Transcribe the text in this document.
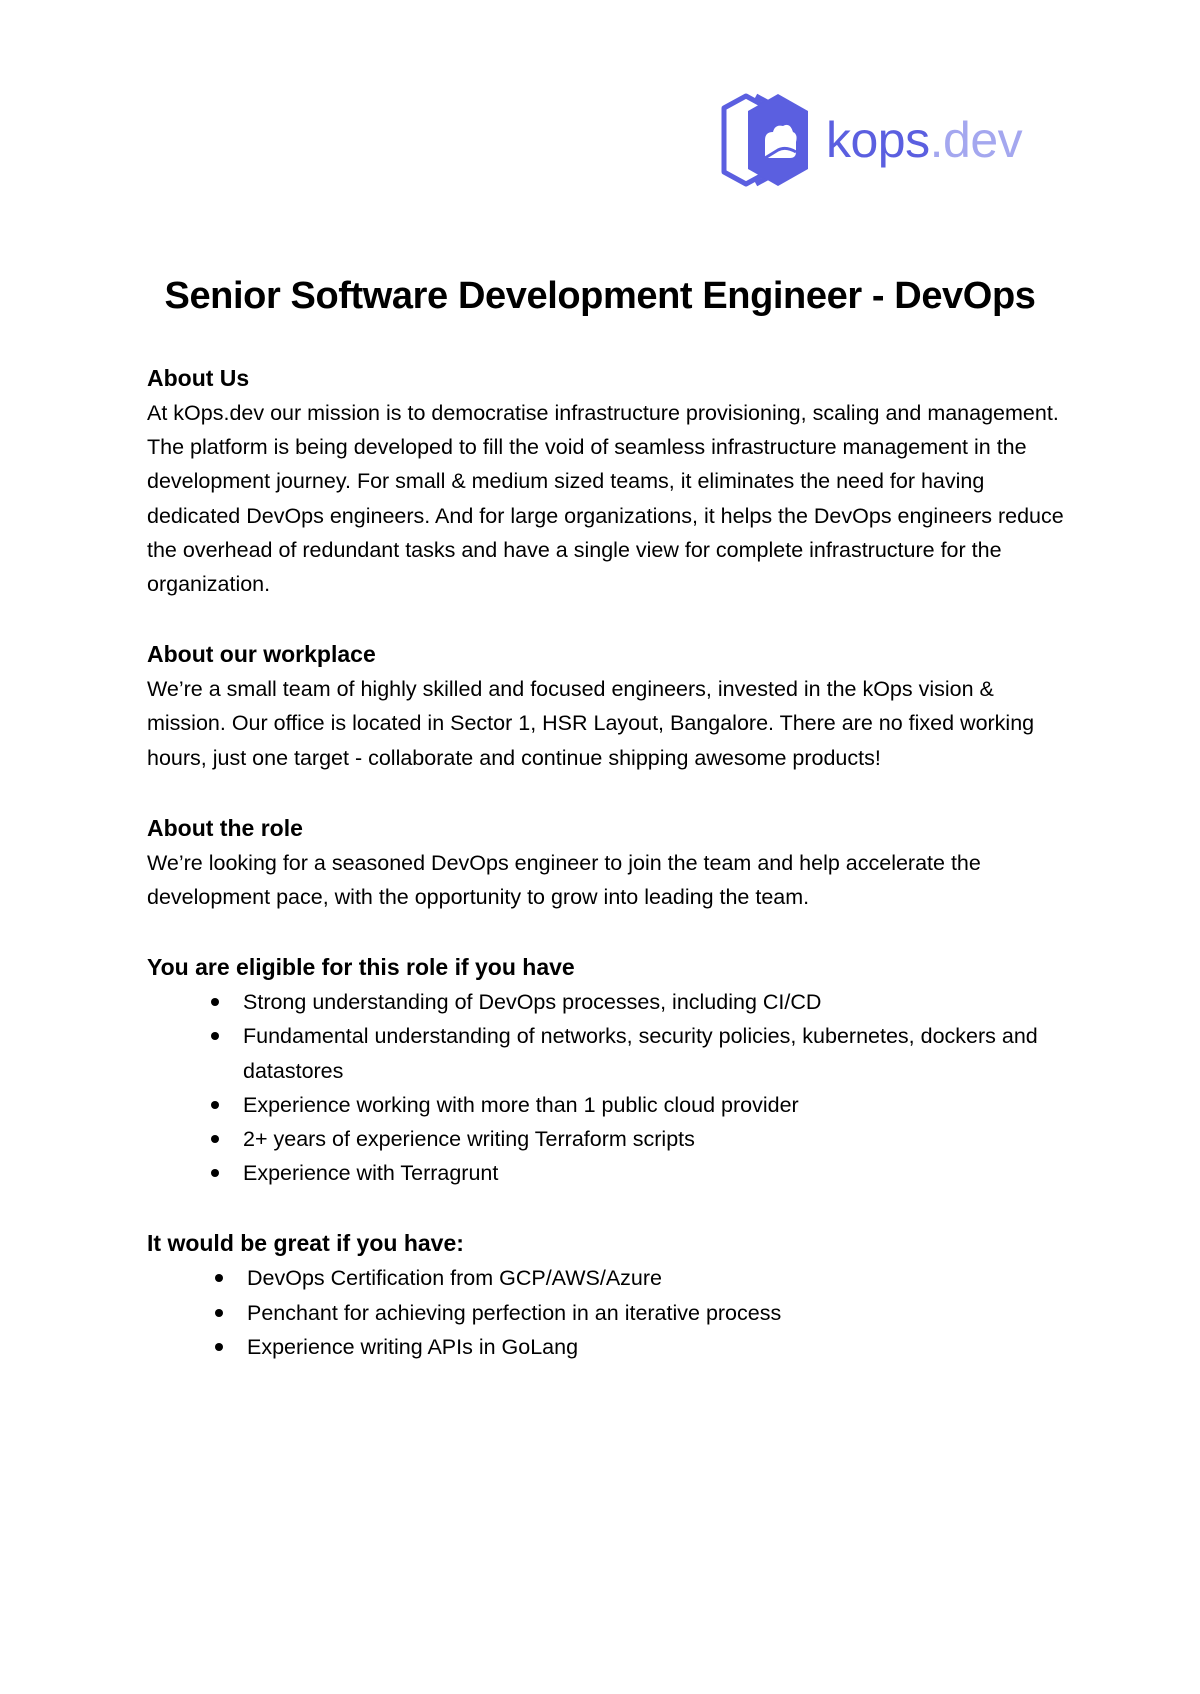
kops.dev
Senior Software Development Engineer - DevOps
About Us

At kOps.dev our mission is to democratise infrastructure provisioning, scaling and management. The platform is being developed to fill the void of seamless infrastructure management in the development journey. For small & medium sized teams, it eliminates the need for having dedicated DevOps engineers. And for large organizations, it helps the DevOps engineers reduce the overhead of redundant tasks and have a single view for complete infrastructure for the organization.

About our workplace

We’re a small team of highly skilled and focused engineers, invested in the kOps vision & mission. Our office is located in Sector 1, HSR Layout, Bangalore. There are no fixed working hours, just one target - collaborate and continue shipping awesome products!

About the role

We’re looking for a seasoned DevOps engineer to join the team and help accelerate the development pace, with the opportunity to grow into leading the team.

You are eligible for this role if you have
Strong understanding of DevOps processes, including CI/CD
Fundamental understanding of networks, security policies, kubernetes, dockers and datastores
Experience working with more than 1 public cloud provider
2+ years of experience writing Terraform scripts
Experience with Terragrunt
It would be great if you have:
DevOps Certification from GCP/AWS/Azure
Penchant for achieving perfection in an iterative process
Experience writing APIs in GoLang
